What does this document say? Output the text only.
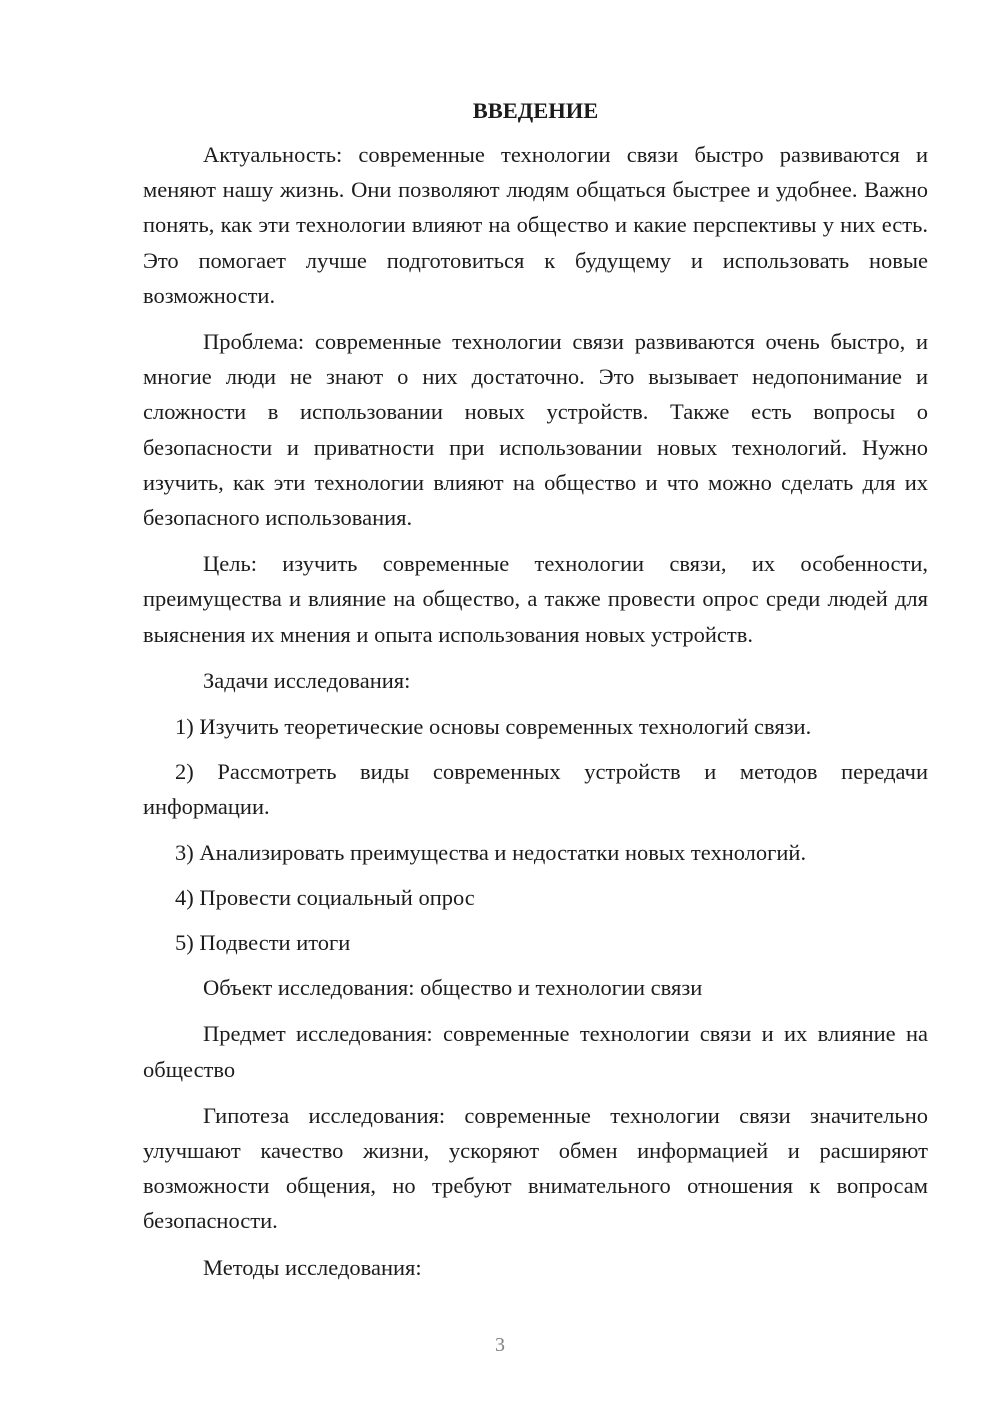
ВВЕДЕНИЕ

Актуальность: современные технологии связи быстро развиваются и меняют нашу жизнь. Они позволяют людям общаться быстрее и удобнее. Важно понять, как эти технологии влияют на общество и какие перспективы у них есть. Это помогает лучше подготовиться к будущему и использовать новые возможности.

Проблема: современные технологии связи развиваются очень быстро, и многие люди не знают о них достаточно. Это вызывает недопонимание и сложности в использовании новых устройств. Также есть вопросы о безопасности и приватности при использовании новых технологий. Нужно изучить, как эти технологии влияют на общество и что можно сделать для их безопасного использования.

Цель: изучить современные технологии связи, их особенности, преимущества и влияние на общество, а также провести опрос среди людей для выяснения их мнения и опыта использования новых устройств.

Задачи исследования:

1) Изучить теоретические основы современных технологий связи.

2) Рассмотреть виды современных устройств и методов передачи информации.

3) Анализировать преимущества и недостатки новых технологий.

4) Провести социальный опрос

5) Подвести итоги

Объект исследования: общество и технологии связи

Предмет исследования: современные технологии связи и их влияние на общество

Гипотеза исследования: современные технологии связи значительно улучшают качество жизни, ускоряют обмен информацией и расширяют возможности общения, но требуют внимательного отношения к вопросам безопасности.

Методы исследования:

3
